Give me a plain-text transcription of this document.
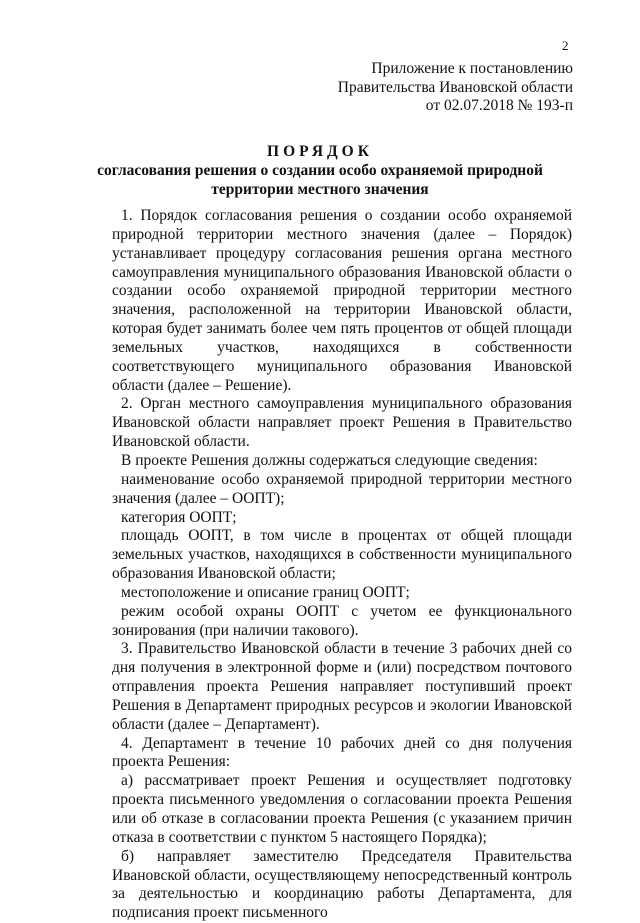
2
Приложение к постановлению
Правительства Ивановской области
от 02.07.2018 № 193-п
ПОРЯДОК
согласования решения о создании особо охраняемой природной
территории местного значения

1. Порядок согласования решения о создании особо охраняемой природной территории местного значения (далее – Порядок) устанавливает процедуру согласования решения органа местного самоуправления муниципального образования Ивановской области о создании особо охраняемой природной территории местного значения, расположенной на территории Ивановской области, которая будет занимать более чем пять процентов от общей площади земельных участков, находящихся в собственности соответствующего муниципального образования Ивановской области (далее – Решение).

2. Орган местного самоуправления муниципального образования Ивановской области направляет проект Решения в Правительство Ивановской области.

В проекте Решения должны содержаться следующие сведения:

наименование особо охраняемой природной территории местного значения (далее – ООПТ);

категория ООПТ;

площадь ООПТ, в том числе в процентах от общей площади земельных участков, находящихся в собственности муниципального образования Ивановской области;

местоположение и описание границ ООПТ;

режим особой охраны ООПТ с учетом ее функционального зонирования (при наличии такового).

3. Правительство Ивановской области в течение 3 рабочих дней со дня получения в электронной форме и (или) посредством почтового отправления проекта Решения направляет поступивший проект Решения в Департамент природных ресурсов и экологии Ивановской области (далее – Департамент).

4. Департамент в течение 10 рабочих дней со дня получения проекта Решения:

а) рассматривает проект Решения и осуществляет подготовку проекта письменного уведомления о согласовании проекта Решения или об отказе в согласовании проекта Решения (с указанием причин отказа в соответствии с пунктом 5 настоящего Порядка);

б) направляет заместителю Председателя Правительства Ивановской области, осуществляющему непосредственный контроль за деятельностью и координацию работы Департамента, для подписания проект письменного
